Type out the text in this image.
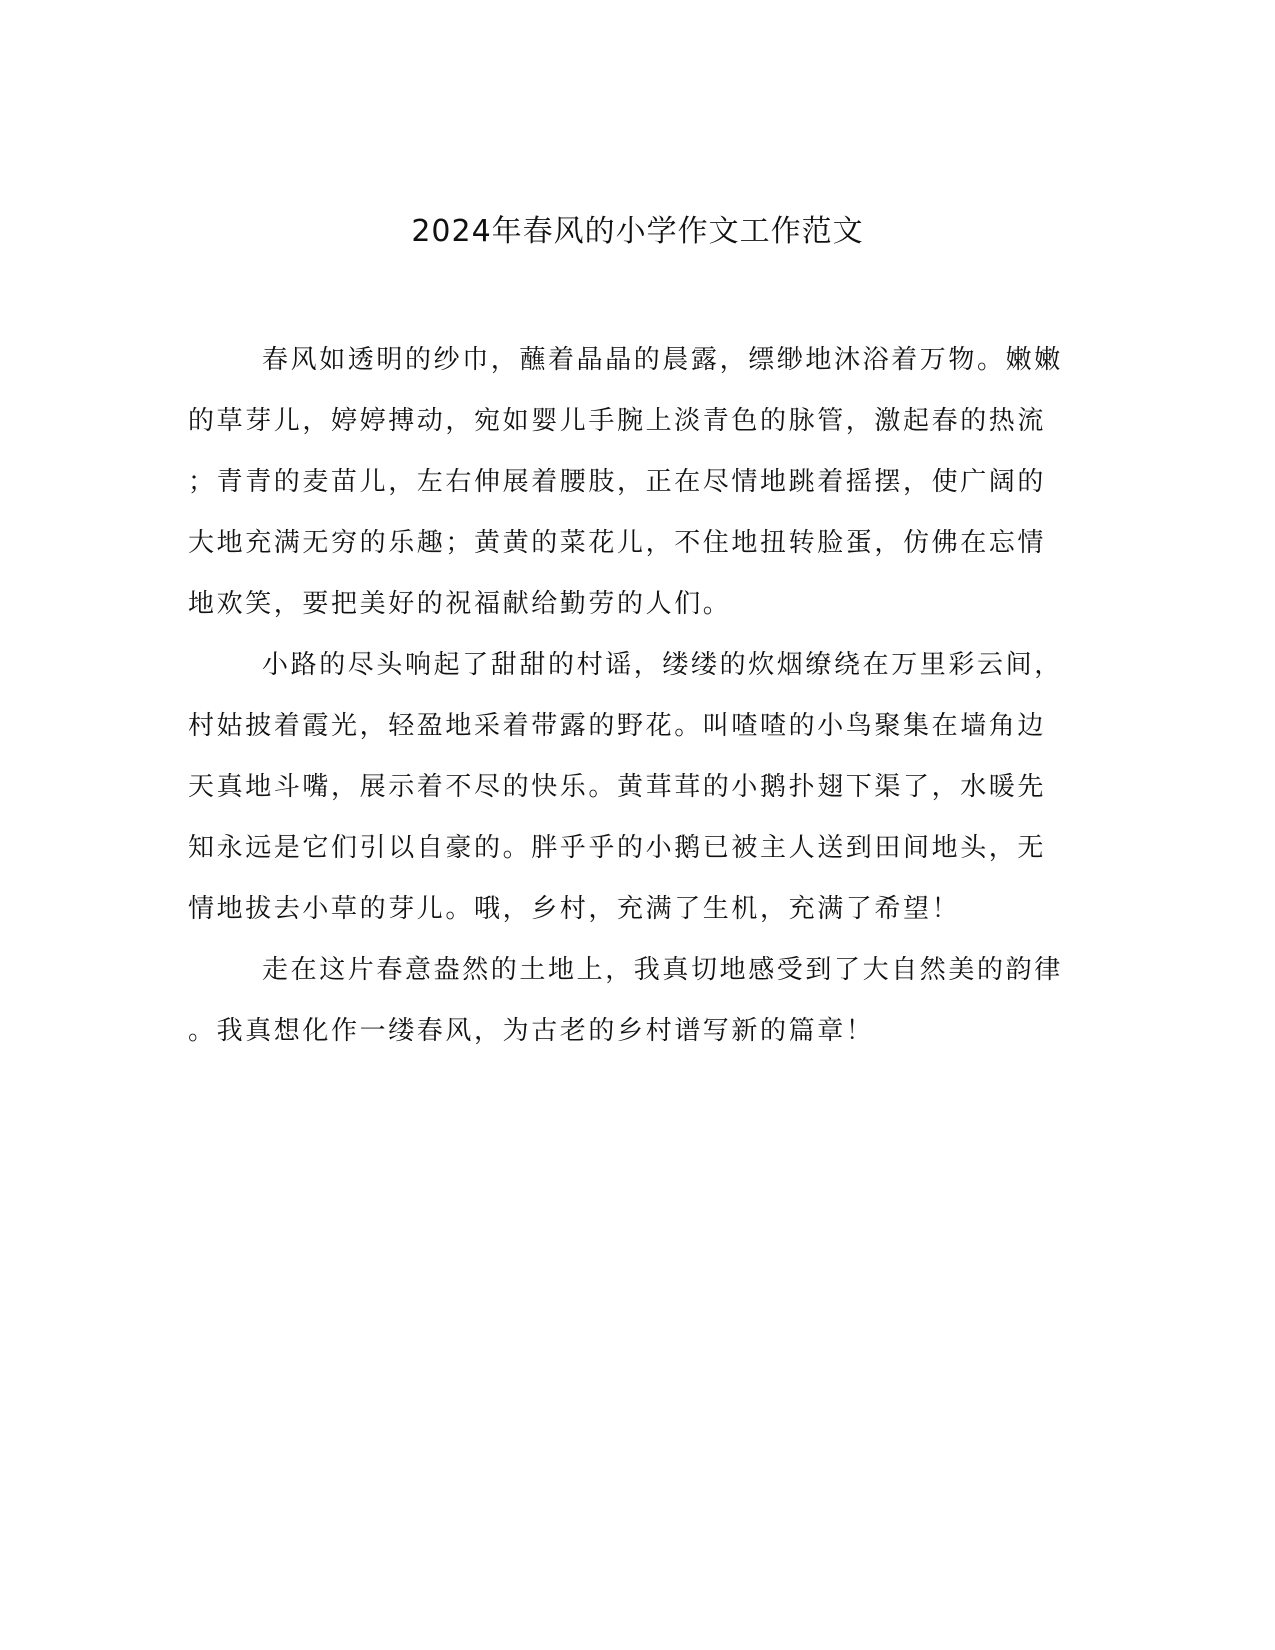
2024年春风的小学作文工作范文

春风如透明的纱巾，蘸着晶晶的晨露，缥缈地沐浴着万物。嫩嫩

的草芽儿，婷婷搏动，宛如婴儿手腕上淡青色的脉管，激起春的热流

；青青的麦苗儿，左右伸展着腰肢，正在尽情地跳着摇摆，使广阔的

大地充满无穷的乐趣；黄黄的菜花儿，不住地扭转脸蛋，仿佛在忘情

地欢笑，要把美好的祝福献给勤劳的人们。

小路的尽头响起了甜甜的村谣，缕缕的炊烟缭绕在万里彩云间，

村姑披着霞光，轻盈地采着带露的野花。叫喳喳的小鸟聚集在墙角边

天真地斗嘴，展示着不尽的快乐。黄茸茸的小鹅扑翅下渠了，水暖先

知永远是它们引以自豪的。胖乎乎的小鹅已被主人送到田间地头，无

情地拔去小草的芽儿。哦，乡村，充满了生机，充满了希望！

走在这片春意盎然的土地上，我真切地感受到了大自然美的韵律

。我真想化作一缕春风，为古老的乡村谱写新的篇章！
